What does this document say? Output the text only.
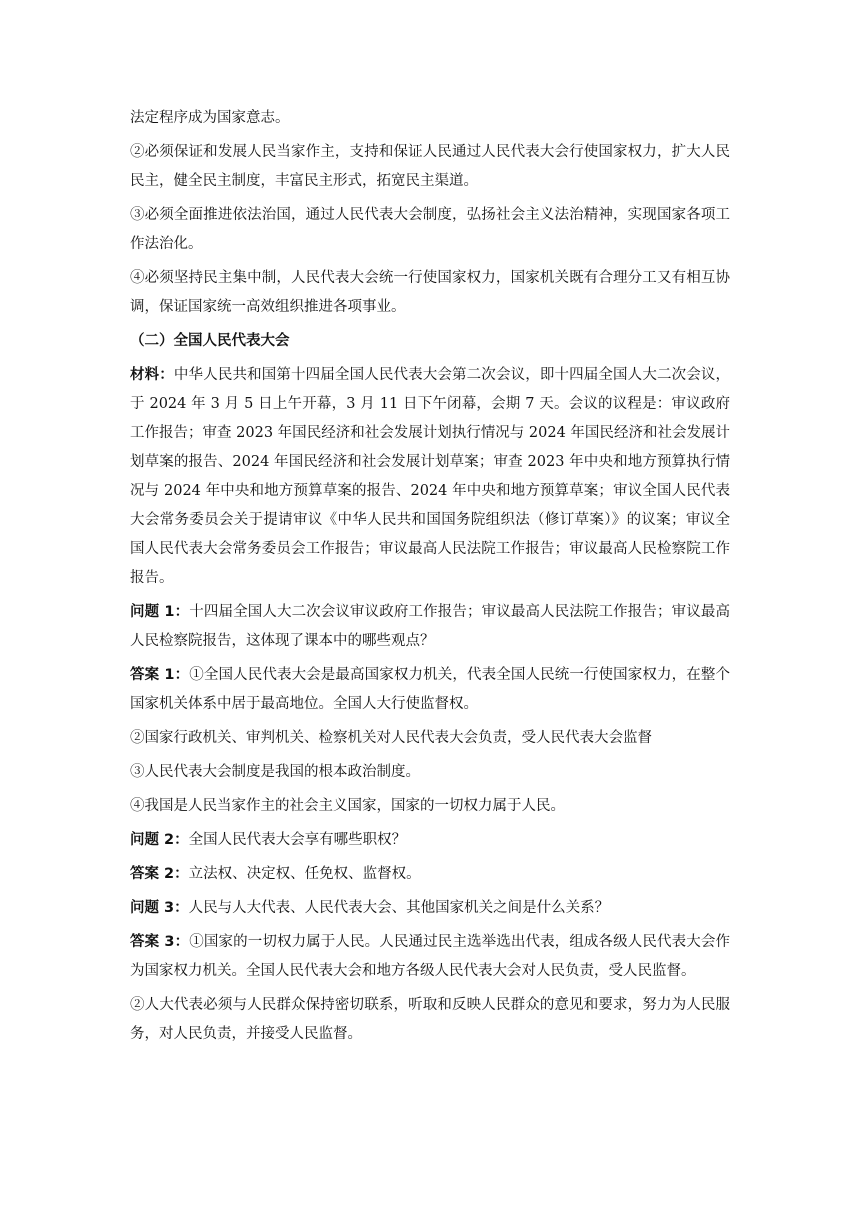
法定程序成为国家意志。

②必须保证和发展人民当家作主，支持和保证人民通过人民代表大会行使国家权力，扩大人民民主，健全民主制度，丰富民主形式，拓宽民主渠道。

③必须全面推进依法治国，通过人民代表大会制度，弘扬社会主义法治精神，实现国家各项工作法治化。

④必须坚持民主集中制，人民代表大会统一行使国家权力，国家机关既有合理分工又有相互协调，保证国家统一高效组织推进各项事业。

（二）全国人民代表大会

材料：中华人民共和国第十四届全国人民代表大会第二次会议，即十四届全国人大二次会议，于 2024 年 3 月 5 日上午开幕，3 月 11 日下午闭幕，会期 7 天。会议的议程是：审议政府工作报告；审查 2023 年国民经济和社会发展计划执行情况与 2024 年国民经济和社会发展计划草案的报告、2024 年国民经济和社会发展计划草案；审查 2023 年中央和地方预算执行情况与 2024 年中央和地方预算草案的报告、2024 年中央和地方预算草案；审议全国人民代表大会常务委员会关于提请审议《中华人民共和国国务院组织法（修订草案）》的议案；审议全国人民代表大会常务委员会工作报告；审议最高人民法院工作报告；审议最高人民检察院工作报告。

问题 1：十四届全国人大二次会议审议政府工作报告；审议最高人民法院工作报告；审议最高人民检察院报告，这体现了课本中的哪些观点？

答案 1：①全国人民代表大会是最高国家权力机关，代表全国人民统一行使国家权力，在整个国家机关体系中居于最高地位。全国人大行使监督权。

②国家行政机关、审判机关、检察机关对人民代表大会负责，受人民代表大会监督

③人民代表大会制度是我国的根本政治制度。

④我国是人民当家作主的社会主义国家，国家的一切权力属于人民。

问题 2：全国人民代表大会享有哪些职权？

答案 2：立法权、决定权、任免权、监督权。

问题 3：人民与人大代表、人民代表大会、其他国家机关之间是什么关系？

答案 3：①国家的一切权力属于人民。人民通过民主选举选出代表，组成各级人民代表大会作为国家权力机关。全国人民代表大会和地方各级人民代表大会对人民负责，受人民监督。

②人大代表必须与人民群众保持密切联系，听取和反映人民群众的意见和要求，努力为人民服务，对人民负责，并接受人民监督。
